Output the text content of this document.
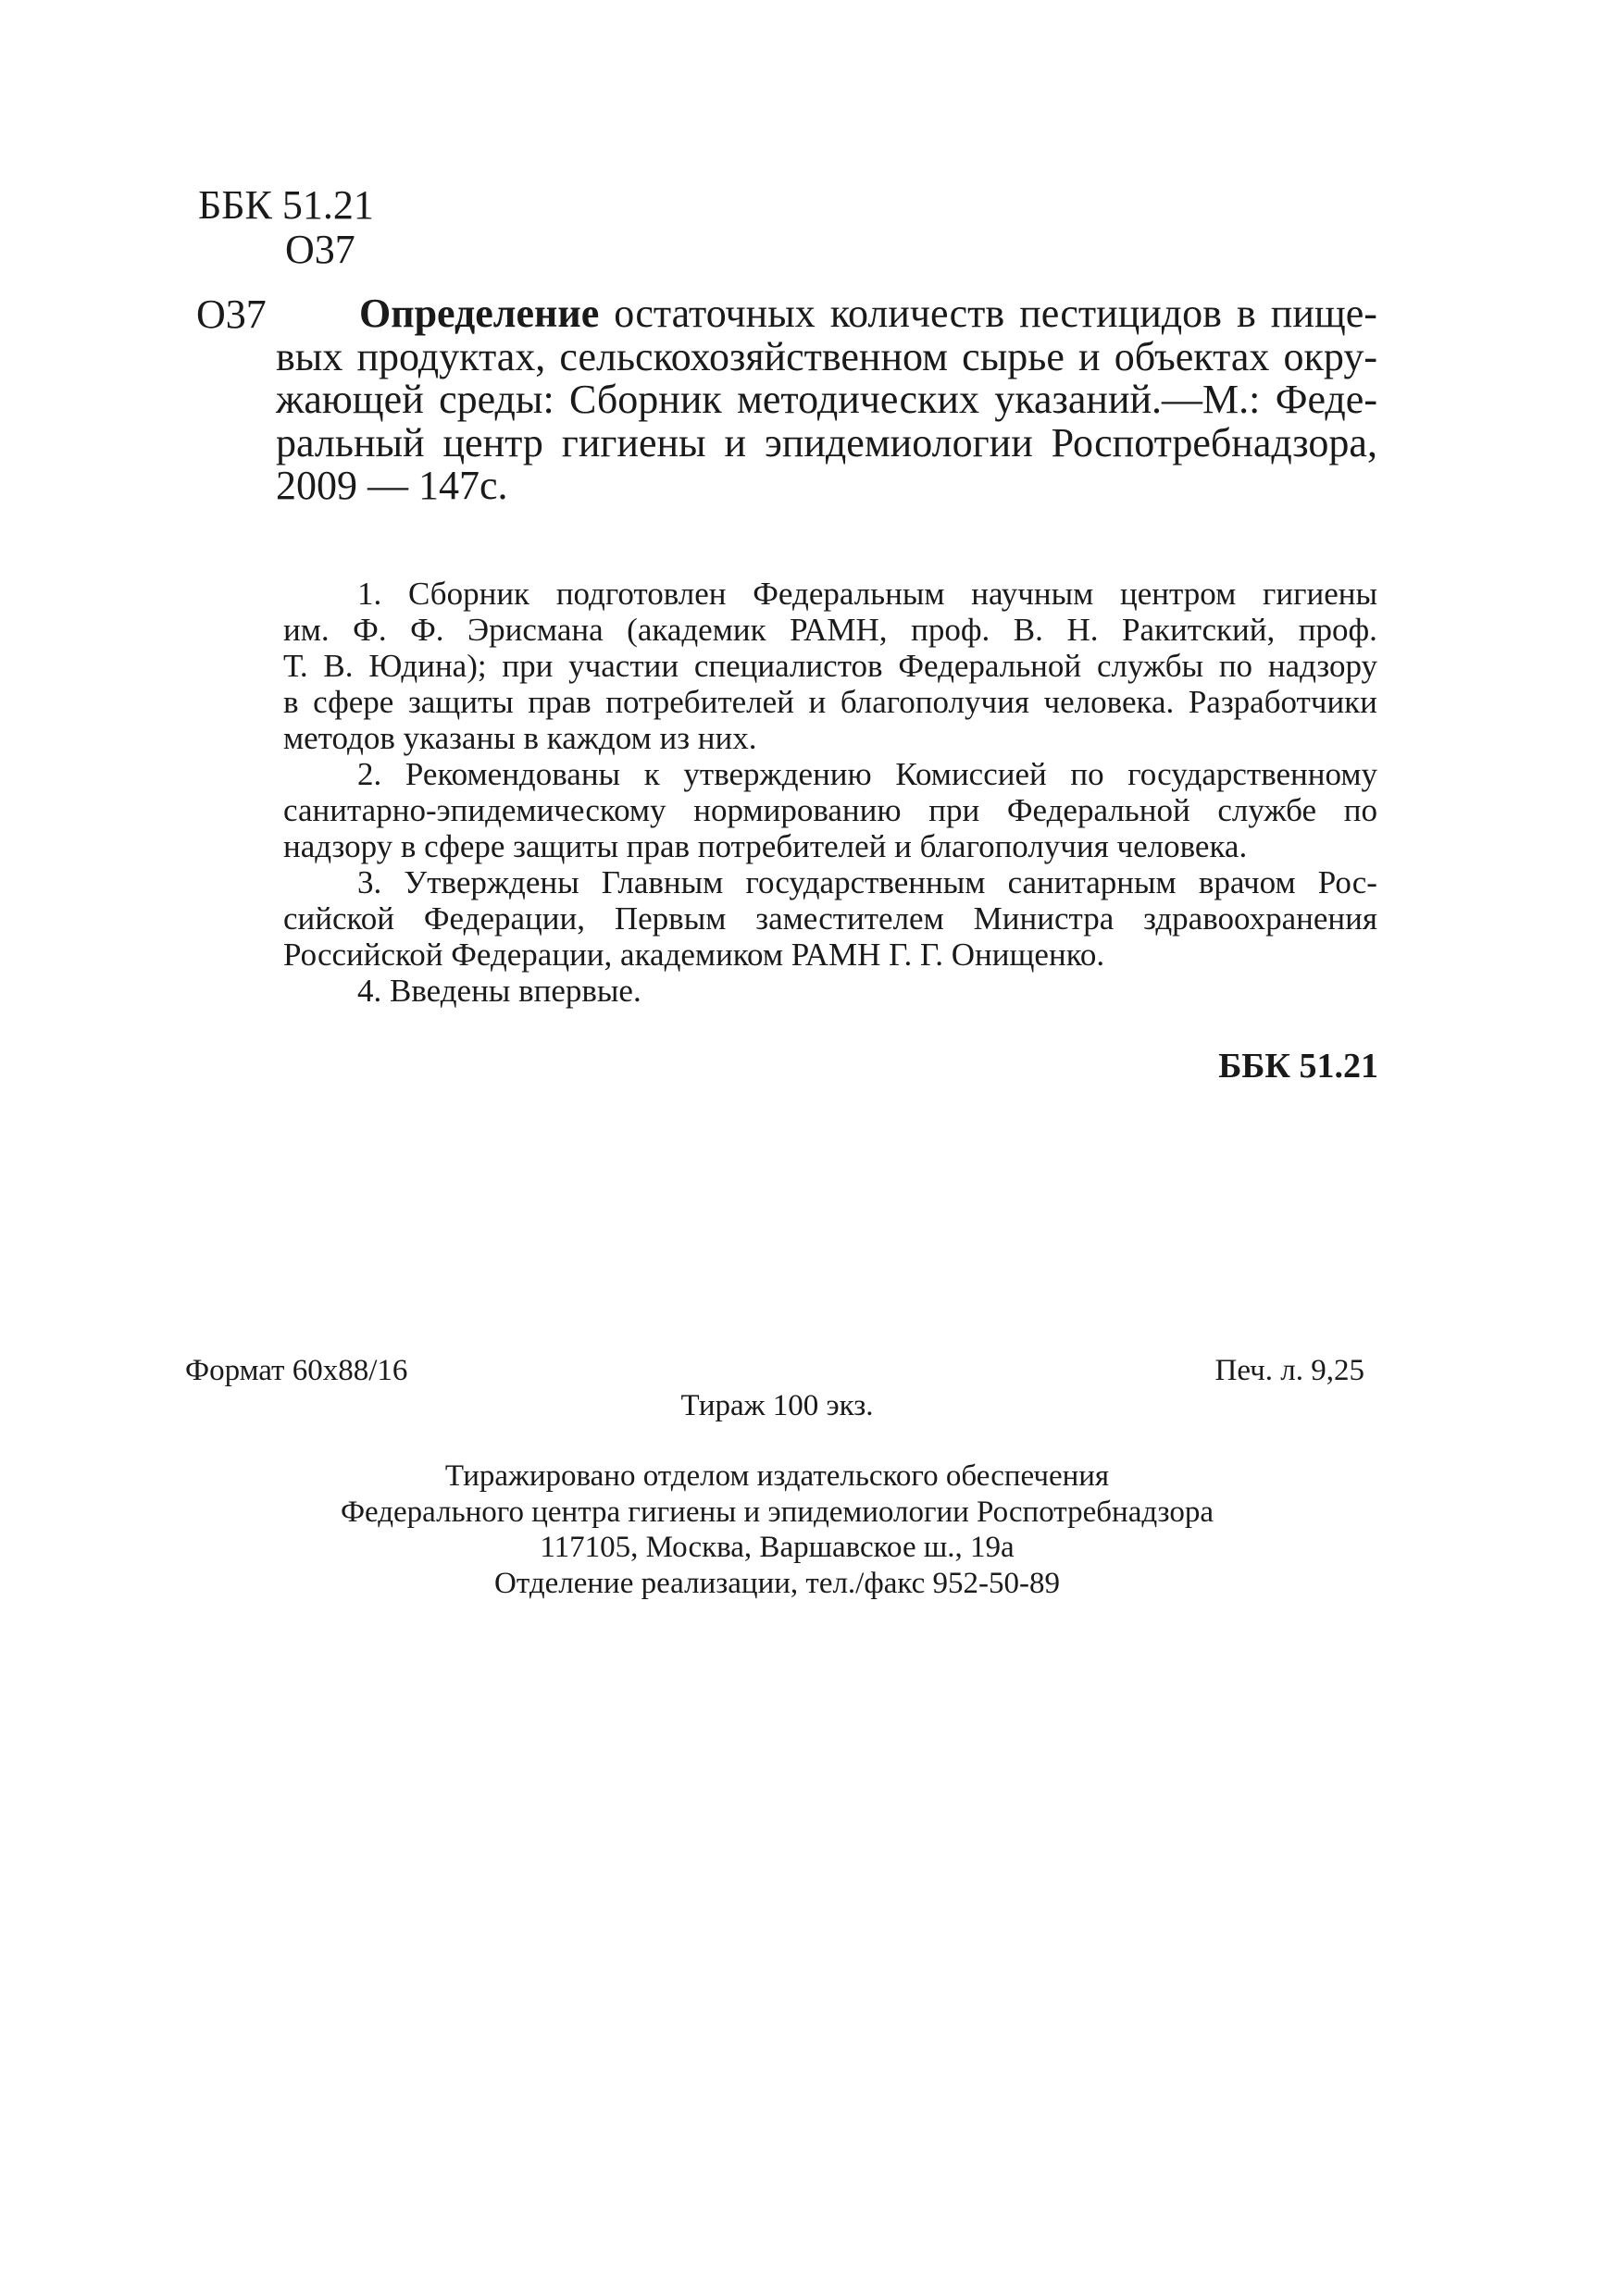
ББК 51.21
О37
О37 Определение остаточных количеств пестицидов в пище-
вых продуктах, сельскохозяйственном сырье и объектах окру-
жающей среды: Сборник методических указаний.—М.: Феде-
ральный центр гигиены и эпидемиологии Роспотребнадзора,
2009 — 147с.
1. Сборник подготовлен Федеральным научным центром гигиены
им. Ф. Ф. Эрисмана (академик РАМН, проф. В. Н. Ракитский, проф.
Т. В. Юдина); при участии специалистов Федеральной службы по надзору
в сфере защиты прав потребителей и благополучия человека. Разработчики
методов указаны в каждом из них.
2. Рекомендованы к утверждению Комиссией по государственному
санитарно-эпидемическому нормированию при Федеральной службе по
надзору в сфере защиты прав потребителей и благополучия человека.
3. Утверждены Главным государственным санитарным врачом Рос-
сийской Федерации, Первым заместителем Министра здравоохранения
Российской Федерации, академиком РАМН Г. Г. Онищенко.
4. Введены впервые.
ББК 51.21
Формат 60х88/16	Печ. л. 9,25
Тираж 100 экз.
Тиражировано отделом издательского обеспечения
Федерального центра гигиены и эпидемиологии Роспотребнадзора
117105, Москва, Варшавское ш., 19а
Отделение реализации, тел./факс 952-50-89
